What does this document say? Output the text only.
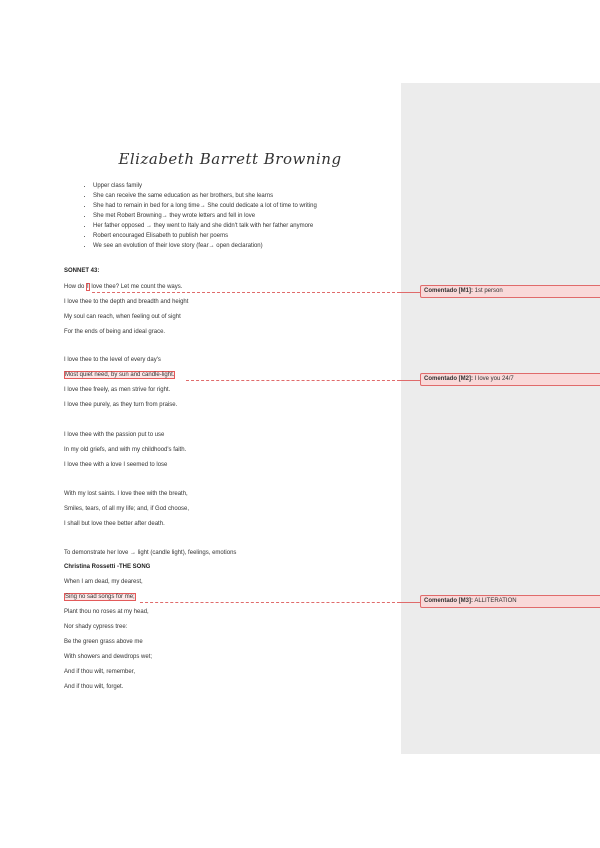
Elizabeth Barrett Browning
• Upper class family
• She can receive the same education as her brothers, but she learns
• She had to remain in bed for a long time→ She could dedicate a lot of time to writing
• She met Robert Browning→ they wrote letters and fell in love
• Her father opposed → they went to Italy and she didn't talk with her father anymore
• Robert encouraged Elisabeth to publish her poems
• We see an evolution of their love story (fear→ open declaration)
SONNET 43:
How do I love thee? Let me count the ways.
I love thee to the depth and breadth and height
My soul can reach, when feeling out of sight
For the ends of being and ideal grace.
I love thee to the level of every day's
Most quiet need, by sun and candle-light.
I love thee freely, as men strive for right.
I love thee purely, as they turn from praise.
I love thee with the passion put to use
In my old griefs, and with my childhood's faith.
I love thee with a love I seemed to lose
With my lost saints. I love thee with the breath,
Smiles, tears, of all my life; and, if God choose,
I shall but love thee better after death.
To demonstrate her love → light (candle light), feelings, emotions
Christina Rossetti -THE SONG
When I am dead, my dearest,
Sing no sad songs for me;
Plant thou no roses at my head,
Nor shady cypress tree:
Be the green grass above me
With showers and dewdrops wet;
And if thou wilt, remember,
And if thou wilt, forget.
Comentado [M1]: 1st person
Comentado [M2]: I love you 24/7
Comentado [M3]: ALLITERATION
